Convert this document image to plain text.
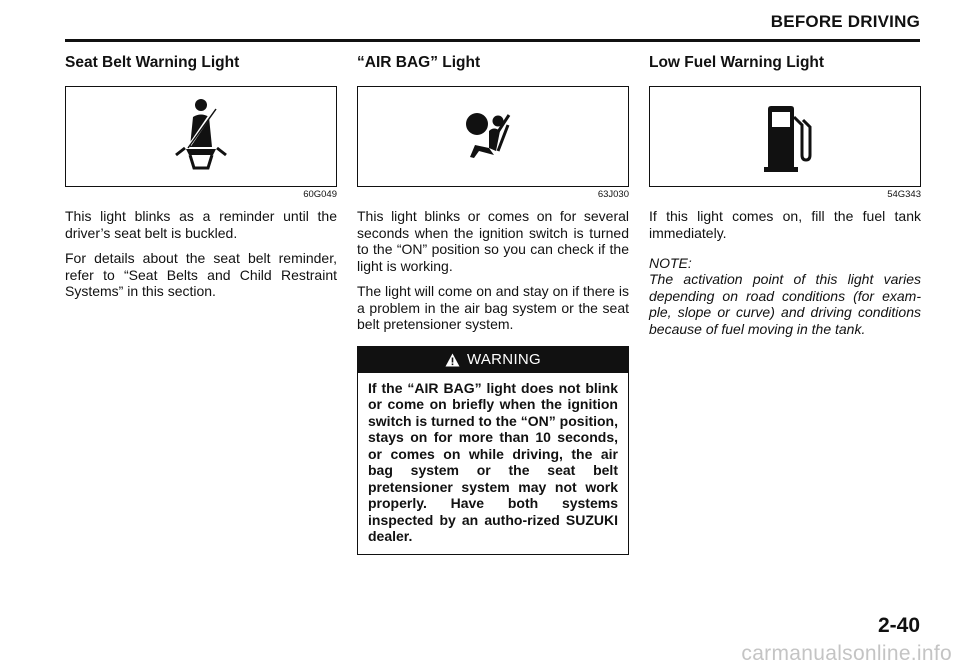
BEFORE DRIVING
Seat Belt Warning Light
60G049

This light blinks as a reminder until the driver’s seat belt is buckled.

For details about the seat belt reminder, refer to “Seat Belts and Child Restraint Systems” in this section.

“AIR BAG” Light
63J030

This light blinks or comes on for several seconds when the ignition switch is turned to the “ON” position so you can check if the light is working.

The light will come on and stay on if there is a problem in the air bag system or the seat belt pretensioner system.

WARNING
If the “AIR BAG” light does not blink or come on briefly when the ignition switch is turned to the “ON” position, stays on for more than 10 seconds, or comes on while driving, the air bag system or the seat belt pretensioner system may not work properly. Have both systems inspected by an autho-rized SUZUKI dealer.
Low Fuel Warning Light
54G343

If this light comes on, fill the fuel tank immediately.

NOTE:

The activation point of this light varies depending on road conditions (for exam-ple, slope or curve) and driving conditions because of fuel moving in the tank.

2-40
carmanualsonline.info
